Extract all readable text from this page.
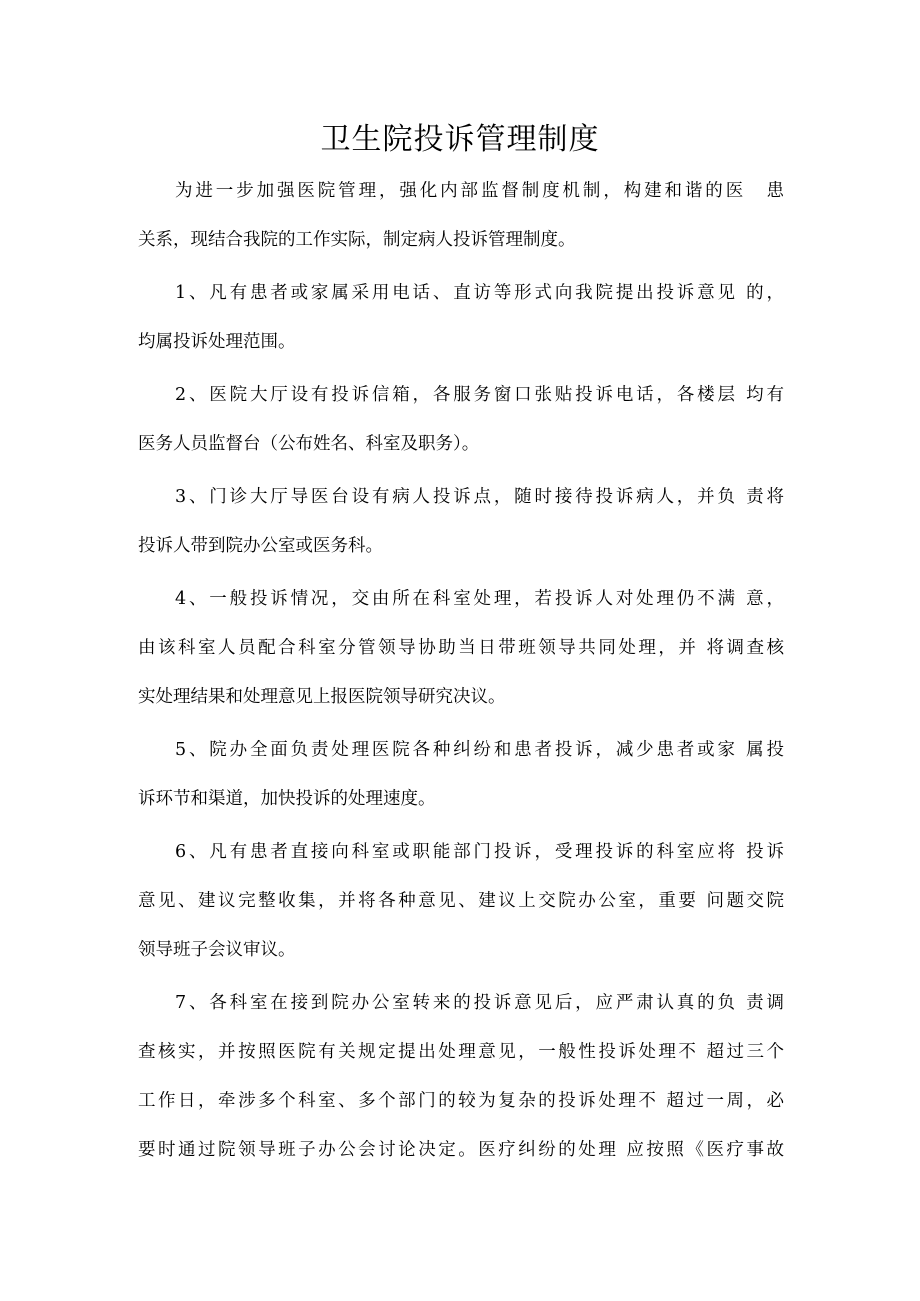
卫生院投诉管理制度

为进一步加强医院管理，强化内部监督制度机制，构建和谐的医　患
关系，现结合我院的工作实际，制定病人投诉管理制度。

1、凡有患者或家属采用电话、直访等形式向我院提出投诉意见 的，
均属投诉处理范围。

2、医院大厅设有投诉信箱，各服务窗口张贴投诉电话，各楼层 均有
医务人员监督台（公布姓名、科室及职务）。

3、门诊大厅导医台设有病人投诉点，随时接待投诉病人，并负 责将
投诉人带到院办公室或医务科。

4、一般投诉情况，交由所在科室处理，若投诉人对处理仍不满 意，
由该科室人员配合科室分管领导协助当日带班领导共同处理，并 将调查核
实处理结果和处理意见上报医院领导研究决议。

5、院办全面负责处理医院各种纠纷和患者投诉，减少患者或家 属投
诉环节和渠道，加快投诉的处理速度。

6、凡有患者直接向科室或职能部门投诉，受理投诉的科室应将 投诉
意见、建议完整收集，并将各种意见、建议上交院办公室，重要 问题交院
领导班子会议审议。

7、各科室在接到院办公室转来的投诉意见后，应严肃认真的负 责调
查核实，并按照医院有关规定提出处理意见，一般性投诉处理不 超过三个
工作日，牵涉多个科室、多个部门的较为复杂的投诉处理不 超过一周，必
要时通过院领导班子办公会讨论决定。医疗纠纷的处理 应按照《医疗事故
